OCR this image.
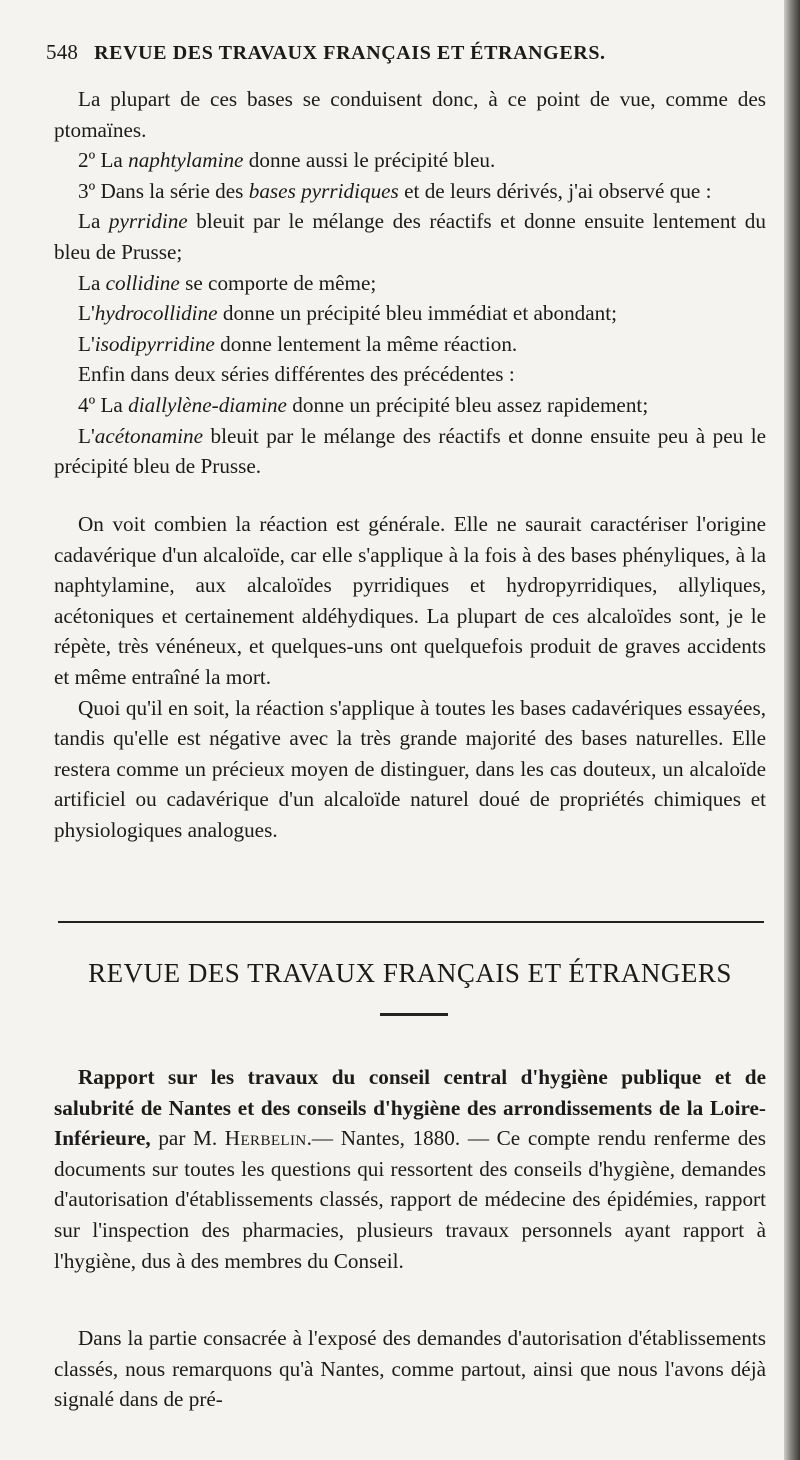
548 REVUE DES TRAVAUX FRANÇAIS ET ÉTRANGERS.

La plupart de ces bases se conduisent donc, à ce point de vue, comme des ptomaïnes.

2º La naphtylamine donne aussi le précipité bleu.

3º Dans la série des bases pyrridiques et de leurs dérivés, j'ai observé que :

La pyrridine bleuit par le mélange des réactifs et donne ensuite lentement du bleu de Prusse;

La collidine se comporte de même;

L'hydrocollidine donne un précipité bleu immédiat et abondant;

L'isodipyrridine donne lentement la même réaction.

Enfin dans deux séries différentes des précédentes :

4º La diallylène-diamine donne un précipité bleu assez rapidement;

L'acétonamine bleuit par le mélange des réactifs et donne ensuite peu à peu le précipité bleu de Prusse.

On voit combien la réaction est générale. Elle ne saurait caractériser l'origine cadavérique d'un alcaloïde, car elle s'applique à la fois à des bases phényliques, à la naphtylamine, aux alcaloïdes pyrridiques et hydropyrridiques, allyliques, acétoniques et certainement aldéhydiques. La plupart de ces alcaloïdes sont, je le répète, très vénéneux, et quelques-uns ont quelquefois produit de graves accidents et même entraîné la mort.

Quoi qu'il en soit, la réaction s'applique à toutes les bases cadavériques essayées, tandis qu'elle est négative avec la très grande majorité des bases naturelles. Elle restera comme un précieux moyen de distinguer, dans les cas douteux, un alcaloïde artificiel ou cadavérique d'un alcaloïde naturel doué de propriétés chimiques et physiologiques analogues.

REVUE DES TRAVAUX FRANÇAIS ET ÉTRANGERS

Rapport sur les travaux du conseil central d'hygiène publique et de salubrité de Nantes et des conseils d'hygiène des arrondissements de la Loire-Inférieure, par M. Herbelin.— Nantes, 1880. — Ce compte rendu renferme des documents sur toutes les questions qui ressortent des conseils d'hygiène, demandes d'autorisation d'établissements classés, rapport de médecine des épidémies, rapport sur l'inspection des pharmacies, plusieurs travaux personnels ayant rapport à l'hygiène, dus à des membres du Conseil.

Dans la partie consacrée à l'exposé des demandes d'autorisation d'établissements classés, nous remarquons qu'à Nantes, comme partout, ainsi que nous l'avons déjà signalé dans de pré-
